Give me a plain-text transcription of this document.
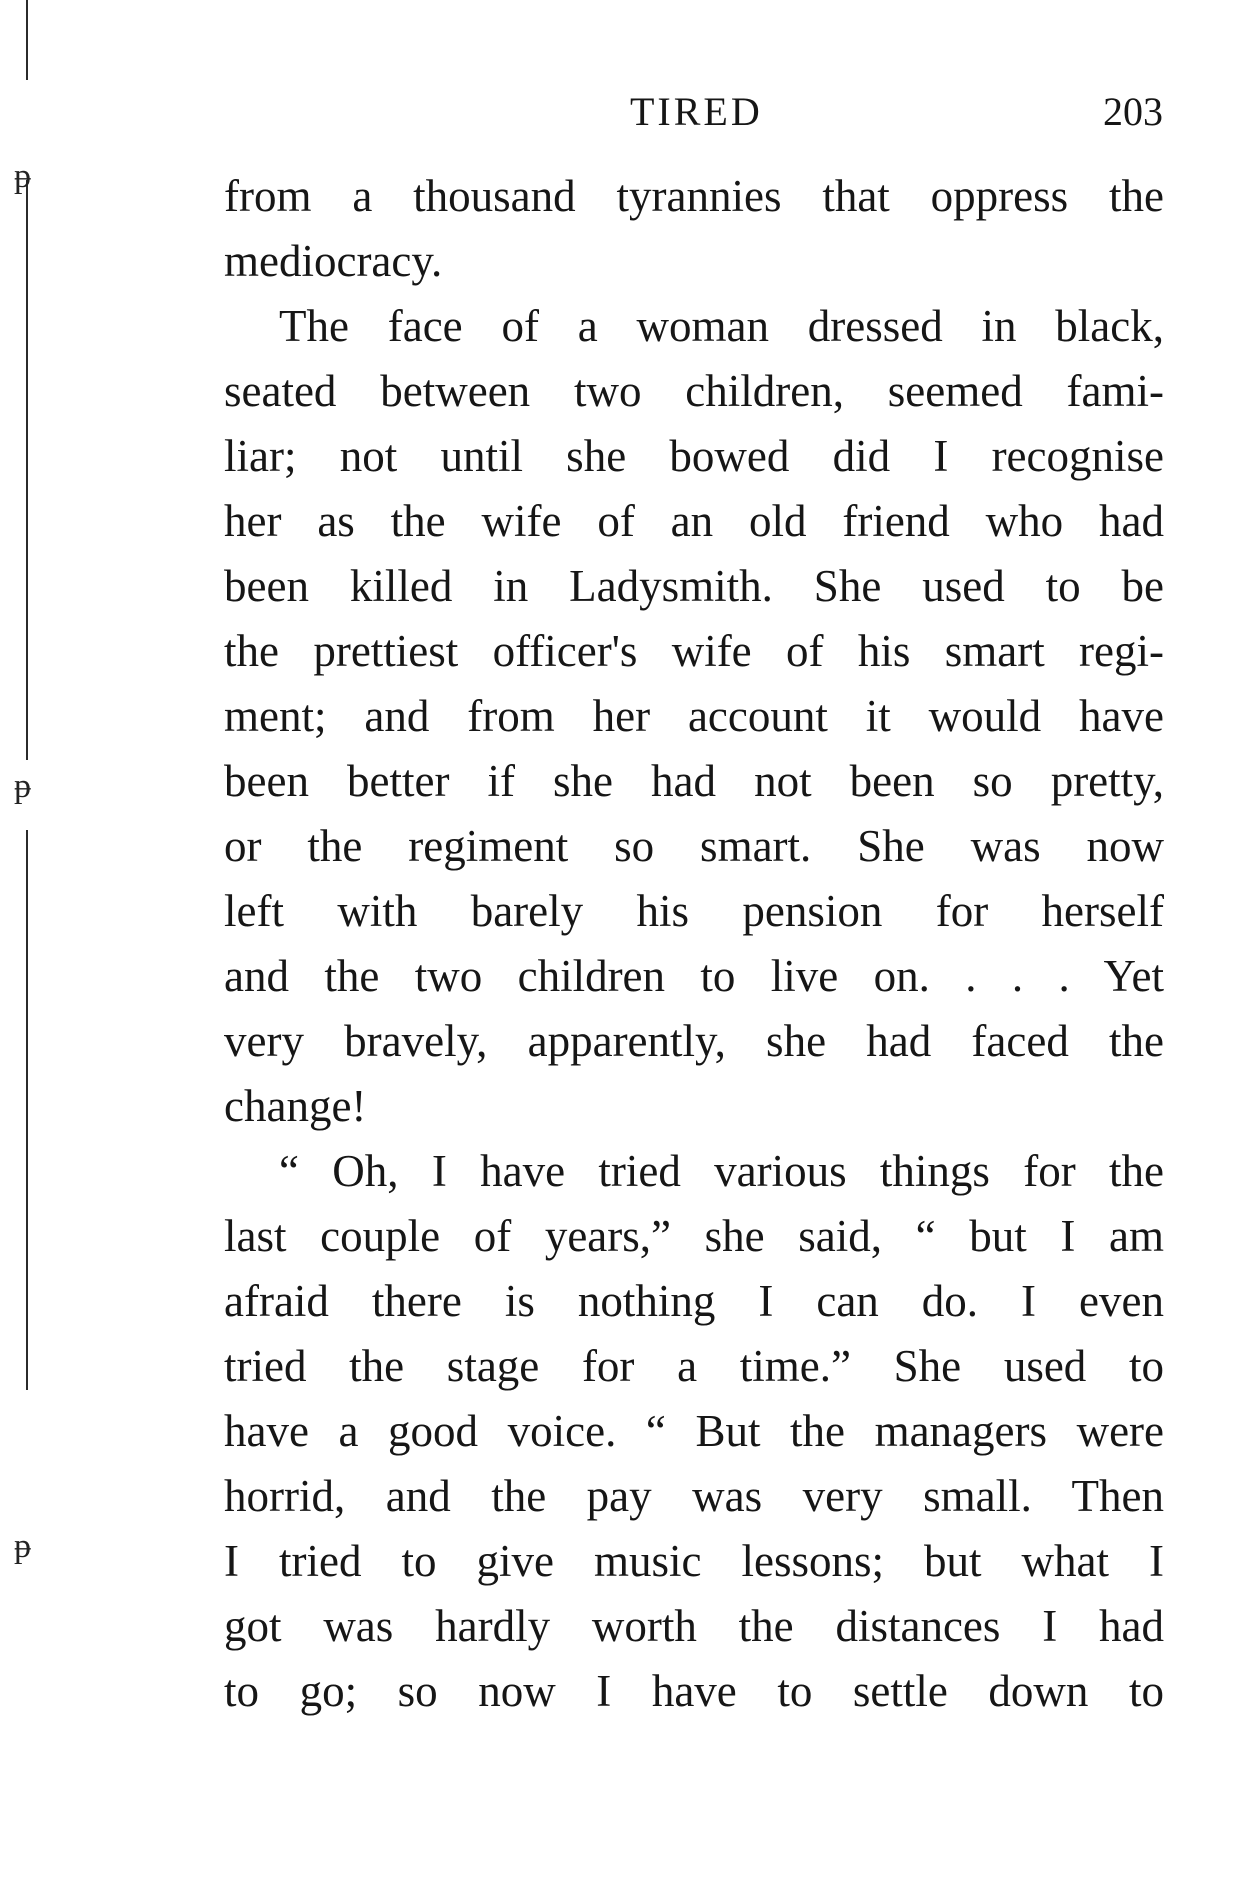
ᵽ
ᵽ
ᵽ
TIRED	203
from a thousand tyrannies that oppress the
mediocracy.
The face of a woman dressed in black,
seated between two children, seemed fami-
liar; not until she bowed did I recognise
her as the wife of an old friend who had
been killed in Ladysmith. She used to be
the prettiest officer's wife of his smart regi-
ment; and from her account it would have
been better if she had not been so pretty,
or the regiment so smart. She was now
left with barely his pension for herself
and the two children to live on. . . . Yet
very bravely, apparently, she had faced the
change!
“ Oh, I have tried various things for the
last couple of years,” she said, “ but I am
afraid there is nothing I can do. I even
tried the stage for a time.” She used to
have a good voice. “ But the managers were
horrid, and the pay was very small. Then
I tried to give music lessons; but what I
got was hardly worth the distances I had
to go; so now I have to settle down to
